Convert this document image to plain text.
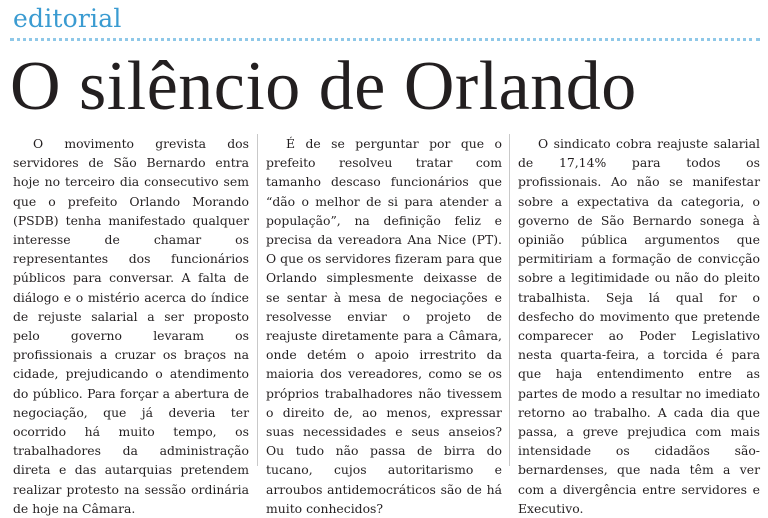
editorial
O silêncio de Orlando

O movimento grevista dos servidores de São Bernardo entra hoje no terceiro dia consecutivo sem que o prefeito Orlando Morando (PSDB) tenha manifestado qualquer interesse de chamar os representantes dos funcionários públicos para conversar. A falta de diálogo e o mistério acerca do índice de rejuste salarial a ser proposto pelo governo levaram os profissionais a cruzar os braços na cidade, prejudicando o atendimento do público. Para forçar a abertura de negociação, que já deveria ter ocorrido há muito tempo, os trabalhadores da administração direta e das autarquias pretendem realizar protesto na sessão ordinária de hoje na Câmara.

É de se perguntar por que o prefeito resolveu tratar com tamanho descaso funcionários que “dão o melhor de si para atender a população”, na definição feliz e precisa da vereadora Ana Nice (PT). O que os servidores fizeram para que Orlando simplesmente deixasse de se sentar à mesa de negociações e resolvesse enviar o projeto de reajuste diretamente para a Câmara, onde detém o apoio irrestrito da maioria dos vereadores, como se os próprios trabalhadores não tivessem o direito de, ao menos, expressar suas necessidades e seus anseios? Ou tudo não passa de birra do tucano, cujos autoritarismo e arroubos antidemocráticos são de há muito conhecidos?

O sindicato cobra reajuste salarial de 17,14% para todos os profissionais. Ao não se manifestar sobre a expectativa da categoria, o governo de São Bernardo sonega à opinião pública argumentos que permitiriam a formação de convicção sobre a legitimidade ou não do pleito trabalhista. Seja lá qual for o desfecho do movimento que pretende comparecer ao Poder Legislativo nesta quarta-feira, a torcida é para que haja entendimento entre as partes de modo a resultar no imediato retorno ao trabalho. A cada dia que passa, a greve prejudica com mais intensidade os cidadãos são-bernardenses, que nada têm a ver com a divergência entre servidores e Executivo.
